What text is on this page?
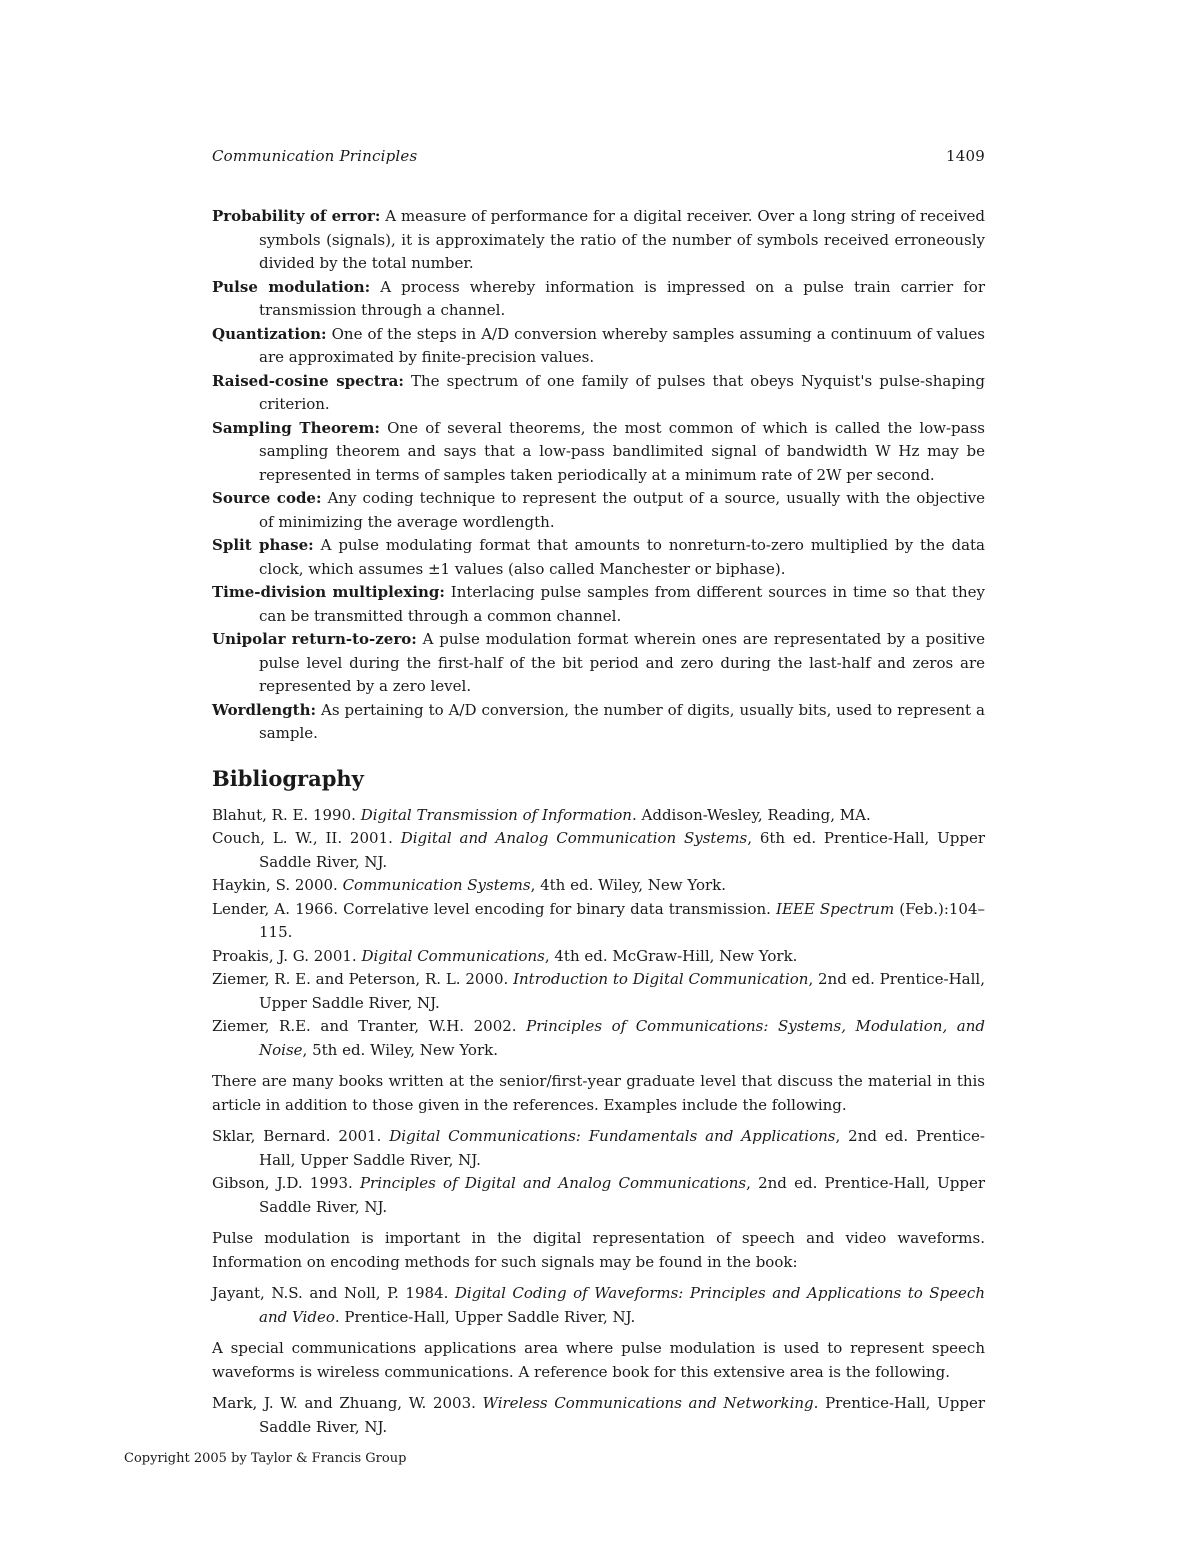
Communication Principles	1409

Probability of error: A measure of performance for a digital receiver. Over a long string of received symbols (signals), it is approximately the ratio of the number of symbols received erroneously divided by the total number.

Pulse modulation: A process whereby information is impressed on a pulse train carrier for transmission through a channel.

Quantization: One of the steps in A/D conversion whereby samples assuming a continuum of values are approximated by finite-precision values.

Raised-cosine spectra: The spectrum of one family of pulses that obeys Nyquist's pulse-shaping criterion.

Sampling Theorem: One of several theorems, the most common of which is called the low-pass sampling theorem and says that a low-pass bandlimited signal of bandwidth W Hz may be represented in terms of samples taken periodically at a minimum rate of 2W per second.

Source code: Any coding technique to represent the output of a source, usually with the objective of minimizing the average wordlength.

Split phase: A pulse modulating format that amounts to nonreturn-to-zero multiplied by the data clock, which assumes ±1 values (also called Manchester or biphase).

Time-division multiplexing: Interlacing pulse samples from different sources in time so that they can be transmitted through a common channel.

Unipolar return-to-zero: A pulse modulation format wherein ones are representated by a positive pulse level during the first-half of the bit period and zero during the last-half and zeros are represented by a zero level.

Wordlength: As pertaining to A/D conversion, the number of digits, usually bits, used to represent a sample.

Bibliography

Blahut, R. E. 1990. Digital Transmission of Information. Addison-Wesley, Reading, MA.

Couch, L. W., II. 2001. Digital and Analog Communication Systems, 6th ed. Prentice-Hall, Upper Saddle River, NJ.

Haykin, S. 2000. Communication Systems, 4th ed. Wiley, New York.

Lender, A. 1966. Correlative level encoding for binary data transmission. IEEE Spectrum (Feb.):104–115.

Proakis, J. G. 2001. Digital Communications, 4th ed. McGraw-Hill, New York.

Ziemer, R. E. and Peterson, R. L. 2000. Introduction to Digital Communication, 2nd ed. Prentice-Hall, Upper Saddle River, NJ.

Ziemer, R.E. and Tranter, W.H. 2002. Principles of Communications: Systems, Modulation, and Noise, 5th ed. Wiley, New York.

There are many books written at the senior/first-year graduate level that discuss the material in this article in addition to those given in the references. Examples include the following.

Sklar, Bernard. 2001. Digital Communications: Fundamentals and Applications, 2nd ed. Prentice-Hall, Upper Saddle River, NJ.

Gibson, J.D. 1993. Principles of Digital and Analog Communications, 2nd ed. Prentice-Hall, Upper Saddle River, NJ.

Pulse modulation is important in the digital representation of speech and video waveforms. Information on encoding methods for such signals may be found in the book:

Jayant, N.S. and Noll, P. 1984. Digital Coding of Waveforms: Principles and Applications to Speech and Video. Prentice-Hall, Upper Saddle River, NJ.

A special communications applications area where pulse modulation is used to represent speech waveforms is wireless communications. A reference book for this extensive area is the following.

Mark, J. W. and Zhuang, W. 2003. Wireless Communications and Networking. Prentice-Hall, Upper Saddle River, NJ.

Copyright 2005 by Taylor & Francis Group
